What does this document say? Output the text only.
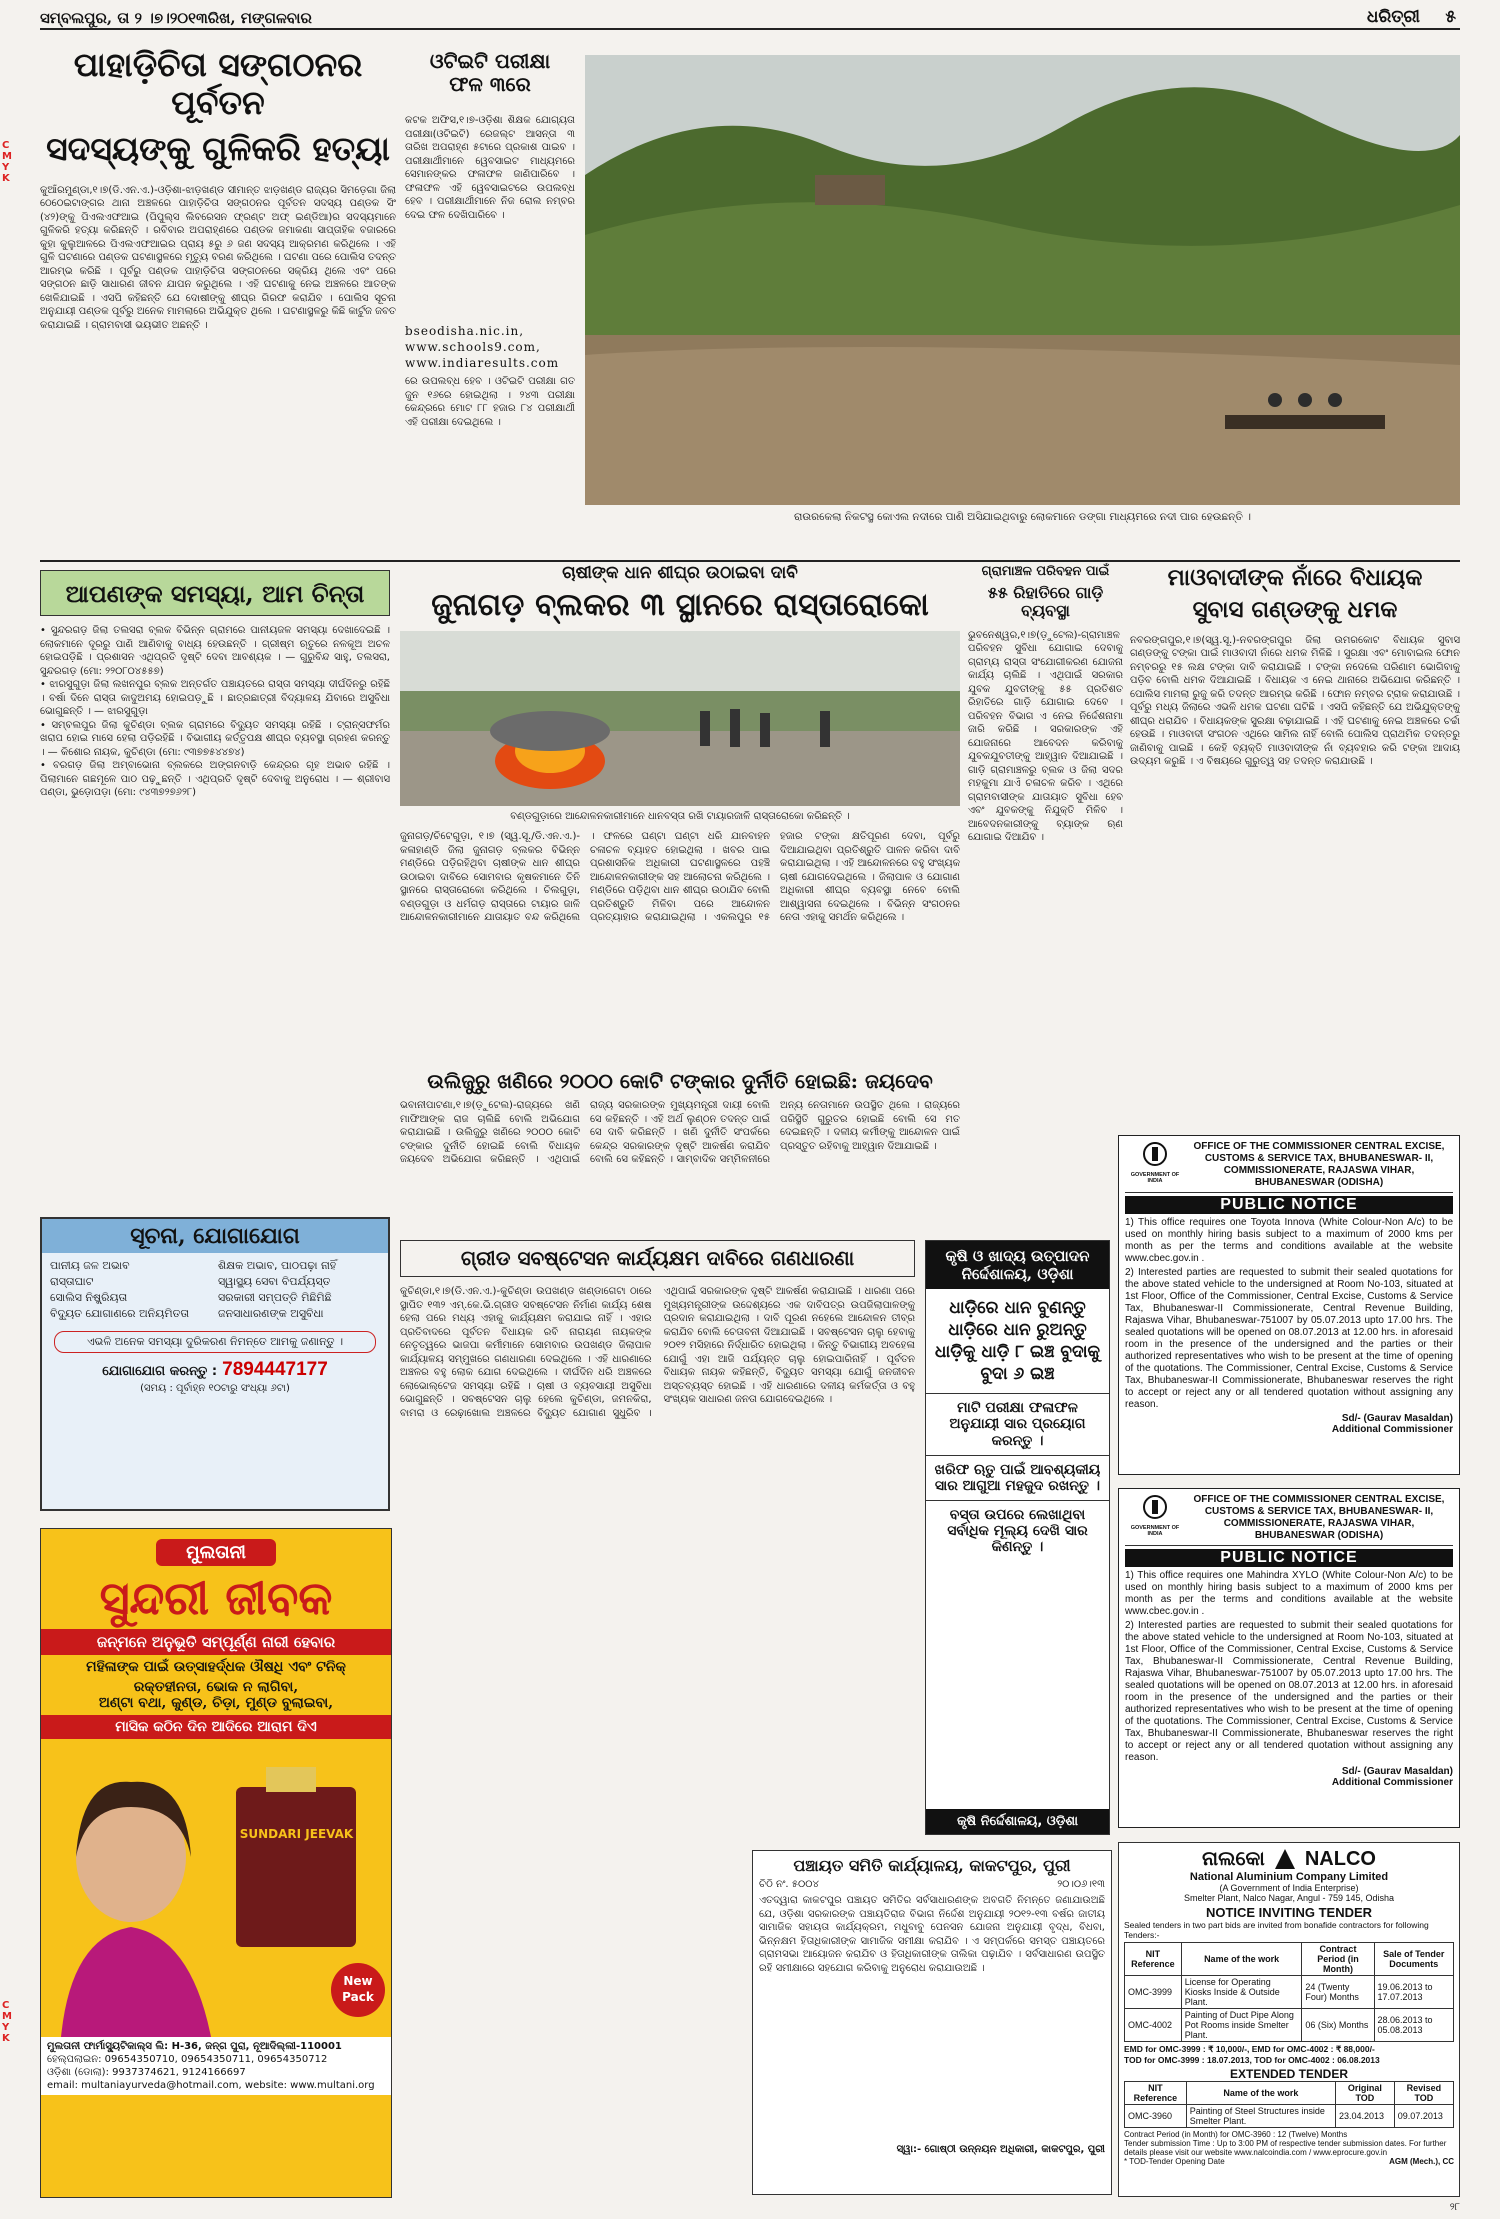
ସମ୍ବଲପୁର, ତା ୨ ।୭।୨୦୧୩ରିଖ, ମଙ୍ଗଳବାର	ଧରିତ୍ରୀ ୫
CMYK
CMYK
ପାହାଡ଼ିଚିତା ସଙ୍ଗଠନର ପୂର୍ବତନ
ସଦସ୍ୟଙ୍କୁ ଗୁଳିକରି ହତ୍ୟା
କୁଆଁରମୁଣ୍ଡା,୧।୭(ଡି.ଏନ.ଏ.)-ଓଡ଼ିଶା-ଝାଡ଼ଖଣ୍ଡ ସୀମାନ୍ତ ଝାଡ଼ଖଣ୍ଡ ରାଜ୍ୟର ସିମଡ଼େଗା ଜିଲା ଠେଠେଇଟାଙ୍ଗର ଥାନା ଅଞ୍ଚଳରେ ପାହାଡ଼ିଚିତା ସଙ୍ଗଠନର ପୂର୍ବତନ ସଦସ୍ୟ ପଣ୍ଡକ ସିଂ (୪୨)ଙ୍କୁ ପିଏଲଏଫଆଇ (ପିପୁଲ୍ସ ଲିବରେସନ ଫ୍ରଣ୍ଟ ଅଫ୍ ଇଣ୍ଡିଆ)ର ସଦସ୍ୟମାନେ ଗୁଳିକରି ହତ୍ୟା କରିଛନ୍ତି । ରବିବାର ଅପରାହ୍ଣରେ ପଣ୍ଡକ ଜମାକଣା ସାପ୍ତାହିକ ବଜାରରେ କୁହା କୁଲୁଆଳରେ ପିଏଲଏଫଆଇର ପ୍ରାୟ ୫ରୁ ୬ ଜଣ ସଦସ୍ୟ ଆକ୍ରମଣ କରିଥିଲେ । ଏହି ଗୁଳି ଘଟଣାରେ ପଣ୍ଡକ ଘଟଣାସ୍ଥଳରେ ମୃତ୍ୟୁ ବରଣ କରିଥିଲେ । ଘଟଣା ପରେ ପୋଲିସ ତଦନ୍ତ ଆରମ୍ଭ କରିଛି । ପୂର୍ବରୁ ପଣ୍ଡକ ପାହାଡ଼ିଚିତା ସଙ୍ଗଠନରେ ସକ୍ରିୟ ଥିଲେ ଏବଂ ପରେ ସଙ୍ଗଠନ ଛାଡ଼ି ସାଧାରଣ ଜୀବନ ଯାପନ କରୁଥିଲେ । ଏହି ଘଟଣାକୁ ନେଇ ଅଞ୍ଚଳରେ ଆତଙ୍କ ଖେଳିଯାଇଛି । ଏସପି କହିଛନ୍ତି ଯେ ଦୋଷୀଙ୍କୁ ଶୀଘ୍ର ଗିରଫ କରାଯିବ । ପୋଲିସ ସୂଚନା ଅନୁଯାୟୀ ପଣ୍ଡକ ପୂର୍ବରୁ ଅନେକ ମାମଲାରେ ଅଭିଯୁକ୍ତ ଥିଲେ । ଘଟଣାସ୍ଥଳରୁ କିଛି କାର୍ଟୁଜ ଜବତ କରାଯାଇଛି । ଗ୍ରାମବାସୀ ଭୟଭୀତ ଅଛନ୍ତି ।
ଓଟିଇଟି ପରୀକ୍ଷା
ଫଳ ୩ରେ
କଟକ ଅଫିସ,୧।୭-ଓଡ଼ିଶା ଶିକ୍ଷକ ଯୋଗ୍ୟତା ପରୀକ୍ଷା(ଓଟିଇଟି) ରେଜଲ୍ଟ ଆସନ୍ତା ୩ ତାରିଖ ଅପରାହ୍ଣ ୫ଟାରେ ପ୍ରକାଶ ପାଇବ । ପରୀକ୍ଷାର୍ଥୀମାନେ ୱେବସାଇଟ ମାଧ୍ୟମରେ ସେମାନଙ୍କର ଫଳାଫଳ ଜାଣିପାରିବେ । ଫଳାଫଳ ଏହି ୱେବସାଇଟରେ ଉପଲବ୍ଧ ହେବ । ପରୀକ୍ଷାର୍ଥୀମାନେ ନିଜ ରୋଲ ନମ୍ବର ଦେଇ ଫଳ ଦେଖିପାରିବେ ।
bseodisha.nic.in, www.schools9.com, www.indiaresults.com
ରେ ଉପଲବ୍ଧ ହେବ । ଓଟିଇଟି ପରୀକ୍ଷା ଗତ ଜୁନ ୧୬ରେ ହୋଇଥିଲା । ୨୪୩ ପରୀକ୍ଷା କେନ୍ଦ୍ରରେ ମୋଟ ୮୮ ହଜାର ୮୪ ପରୀକ୍ଷାର୍ଥୀ ଏହି ପରୀକ୍ଷା ଦେଇଥିଲେ ।
ରାଉରକେଲା ନିକଟସ୍ଥ କୋଏଲ ନଦୀରେ ପାଣି ଅସିଯାଇଥିବାରୁ ଲୋକମାନେ ଡଙ୍ଗା ମାଧ୍ୟମରେ ନଦୀ ପାର ହେଉଛନ୍ତି ।
ଆପଣଙ୍କ ସମସ୍ୟା, ଆମ ଚିନ୍ତା
• ସୁନ୍ଦରଗଡ଼ ଜିଲା ତଲସରା ବ୍ଲକ ବିଭିନ୍ନ ଗ୍ରାମରେ ପାନୀୟଜଳ ସମସ୍ୟା ଦେଖାଦେଇଛି । ଲୋକମାନେ ଦୂରରୁ ପାଣି ଆଣିବାକୁ ବାଧ୍ୟ ହେଉଛନ୍ତି । ଗ୍ରୀଷ୍ମ ଋତୁରେ ନଳକୂଅ ଅଚଳ ହୋଇପଡ଼ିଛି । ପ୍ରଶାସନ ଏଥିପ୍ରତି ଦୃଷ୍ଟି ଦେବା ଆବଶ୍ୟକ । — ଗୁରୁବିନ୍ଦ ସାହୁ, ତଲସରା, ସୁନ୍ଦରଗଡ଼ (ମୋ: ୨୨୦୮୦୪୫୫୭)
• ଝାରସୁଗୁଡ଼ା ଜିଲା ଲଖନପୁର ବ୍ଲକ ଅନ୍ତର୍ଗତ ପଞ୍ଚାୟତରେ ରାସ୍ତା ସମସ୍ୟା ଦୀର୍ଘଦିନରୁ ରହିଛି । ବର୍ଷା ଦିନେ ରାସ୍ତା କାଦୁଅମୟ ହୋଇପଡ଼ୁଛି । ଛାତ୍ରଛାତ୍ରୀ ବିଦ୍ୟାଳୟ ଯିବାରେ ଅସୁବିଧା ଭୋଗୁଛନ୍ତି । — ଝାରସୁଗୁଡ଼ା
• ସମ୍ବଲପୁର ଜିଲା କୁଚିଣ୍ଡା ବ୍ଲକ ଗ୍ରାମରେ ବିଦ୍ୟୁତ ସମସ୍ୟା ରହିଛି । ଟ୍ରାନ୍ସଫର୍ମର ଖରାପ ହୋଇ ମାସେ ହେଲା ପଡ଼ିରହିଛି । ବିଭାଗୀୟ କର୍ତ୍ତୃପକ୍ଷ ଶୀଘ୍ର ବ୍ୟବସ୍ଥା ଗ୍ରହଣ କରନ୍ତୁ । — କିଶୋର ନାୟକ, କୁଚିଣ୍ଡା (ମୋ: ୯୩୭୭୫୪୪୭୪)
• ବରଗଡ଼ ଜିଲା ଅମ୍ବାଭୋନା ବ୍ଲକରେ ଅଙ୍ଗନବାଡ଼ି କେନ୍ଦ୍ରର ଗୃହ ଅଭାବ ରହିଛି । ପିଲାମାନେ ଗଛମୂଳେ ପାଠ ପଢ଼ୁଛନ୍ତି । ଏଥିପ୍ରତି ଦୃଷ୍ଟି ଦେବାକୁ ଅନୁରୋଧ । — ଶ୍ରୀବାସ ପଣ୍ଡା, ଭୁଡ଼ୋପଡ଼ା (ମୋ: ୯୪୩୭୨୭୬୨୮)
ସୂଚନା, ଯୋଗାଯୋଗ
ପାନୀୟ ଜଳ ଅଭାବ	ଶିକ୍ଷକ ଅଭାବ, ପାଠପଢ଼ା ନାହିଁ
ରାସ୍ତାଘାଟ	ସ୍ୱାସ୍ଥ୍ୟ ସେବା ବିପର୍ଯ୍ୟସ୍ତ
ସୋଲିସ ନିଷ୍କ୍ରିୟତା	ସରକାରୀ ସମ୍ପତ୍ତି ମିଛିମିଛି
ବିଦ୍ୟୁତ ଯୋଗାଣରେ ଅନିୟମିତତା	ଜନସାଧାରଣଙ୍କ ଅସୁବିଧା
ଏଭଳି ଅନେକ ସମସ୍ୟା ଦୁରିକରଣ ନିମନ୍ତେ ଆମକୁ ଜଣାନ୍ତୁ ।
ଯୋଗାଯୋଗ କରନ୍ତୁ : 7894447177
(ସମୟ : ପୂର୍ବାହ୍ନ ୧୦ଟାରୁ ସଂଧ୍ୟା ୬ଟା)
ଚାଷୀଙ୍କ ଧାନ ଶୀଘ୍ର ଉଠାଇବା ଦାବି
ଜୁନାଗଡ଼ ବ୍ଲକର ୩ ସ୍ଥାନରେ ରାସ୍ତାରୋକୋ
ବଣ୍ଡଗୁଡ଼ାରେ ଆନ୍ଦୋଳନକାରୀମାନେ ଧାନବସ୍ତା ରଖି ଟାୟାରଜାଳି ରାସ୍ତାରୋକୋ କରିଛନ୍ତି ।
ଜୁନାଗଡ଼/ଚିଟେଗୁଡ଼ା, ୧।୭ (ସ୍ୱ.ସୂ./ଡି.ଏନ.ଏ.)-କଳାହାଣ୍ଡି ଜିଲା ଜୁନାଗଡ଼ ବ୍ଲକର ବିଭିନ୍ନ ମଣ୍ଡିରେ ପଡ଼ିରହିଥିବା ଚାଷୀଙ୍କ ଧାନ ଶୀଘ୍ର ଉଠାଇବା ଦାବିରେ ସୋମବାର କୃଷକମାନେ ତିନି ସ୍ଥାନରେ ରାସ୍ତାରୋକୋ କରିଥିଲେ । ଚିଲଗୁଡ଼ା, ବଣ୍ଡଗୁଡ଼ା ଓ ଧର୍ମଗଡ଼ ରାସ୍ତାରେ ଟାୟାର ଜାଳି ଆନ୍ଦୋଳନକାରୀମାନେ ଯାତାୟାତ ବନ୍ଦ କରିଥିଲେ । ଫଳରେ ଘଣ୍ଟା ଘଣ୍ଟା ଧରି ଯାନବାହନ ଚଳାଚଳ ବ୍ୟାହତ ହୋଇଥିଲା । ଖବର ପାଇ ପ୍ରଶାସନିକ ଅଧିକାରୀ ଘଟଣାସ୍ଥଳରେ ପହଞ୍ଚି ଆନ୍ଦୋଳନକାରୀଙ୍କ ସହ ଆଲୋଚନା କରିଥିଲେ । ମଣ୍ଡିରେ ପଡ଼ିଥିବା ଧାନ ଶୀଘ୍ର ଉଠାଯିବ ବୋଲି ପ୍ରତିଶ୍ରୁତି ମିଳିବା ପରେ ଆନ୍ଦୋଳନ ପ୍ରତ୍ୟାହାର କରାଯାଇଥିଲା । ଏକଲପୁର ୧୫ ହଜାର ଟଙ୍କା କ୍ଷତିପୂରଣ ଦେବା, ପୂର୍ବରୁ ଦିଆଯାଇଥିବା ପ୍ରତିଶ୍ରୁତି ପାଳନ କରିବା ଦାବି କରାଯାଇଥିଲା । ଏହି ଆନ୍ଦୋଳନରେ ବହୁ ସଂଖ୍ୟକ ଚାଷୀ ଯୋଗଦେଇଥିଲେ । ଜିଲାପାଳ ଓ ଯୋଗାଣ ଅଧିକାରୀ ଶୀଘ୍ର ବ୍ୟବସ୍ଥା ନେବେ ବୋଲି ଆଶ୍ୱାସନା ଦେଇଥିଲେ । ବିଭିନ୍ନ ସଂଗଠନର ନେତା ଏହାକୁ ସମର୍ଥନ କରିଥିଲେ ।
ଉଲିଜୁରୁ ଖଣିରେ ୨୦୦୦ କୋଟି ଟଙ୍କାର ଦୁର୍ନୀତି ହୋଇଛି: ଜୟଦେବ
ଭବାନୀପାଟଣା,୧।୭(ଡ଼ୁଟେଲ)-ରାଜ୍ୟରେ ଖଣି ମାଫିଆଙ୍କ ରାଜ ଚାଲିଛି ବୋଲି ଅଭିଯୋଗ କରାଯାଇଛି । ଉଲିଜୁରୁ ଖଣିରେ ୨୦୦୦ କୋଟି ଟଙ୍କାର ଦୁର୍ନୀତି ହୋଇଛି ବୋଲି ବିଧାୟକ ଜୟଦେବ ଅଭିଯୋଗ କରିଛନ୍ତି । ଏଥିପାଇଁ ରାଜ୍ୟ ସରକାରଙ୍କ ମୁଖ୍ୟମନ୍ତ୍ରୀ ଦାୟୀ ବୋଲି ସେ କହିଛନ୍ତି । ଏହି ଅର୍ଥ ଲୁଣ୍ଠନ ତଦନ୍ତ ପାଇଁ ସେ ଦାବି କରିଛନ୍ତି । ଖଣି ଦୁର୍ନୀତି ସଂପର୍କରେ କେନ୍ଦ୍ର ସରକାରଙ୍କ ଦୃଷ୍ଟି ଆକର୍ଷଣ କରାଯିବ ବୋଲି ସେ କହିଛନ୍ତି । ସାମ୍ବାଦିକ ସମ୍ମିଳନୀରେ ଅନ୍ୟ ନେତାମାନେ ଉପସ୍ଥିତ ଥିଲେ । ରାଜ୍ୟରେ ପରିସ୍ଥିତି ଗୁରୁତର ହୋଇଛି ବୋଲି ସେ ମତ ଦେଇଛନ୍ତି । ଦଳୀୟ କର୍ମୀଙ୍କୁ ଆନ୍ଦୋଳନ ପାଇଁ ପ୍ରସ୍ତୁତ ରହିବାକୁ ଆହ୍ୱାନ ଦିଆଯାଇଛି ।
ଗ୍ରାମାଞ୍ଚଳ ପରିବହନ ପାଇଁ
୫୫ ରିହାତିରେ ଗାଡ଼ି ବ୍ୟବସ୍ଥା
ଭୁବନେଶ୍ୱର,୧।୭(ଡ଼ୁଟେଲ)-ଗ୍ରାମାଞ୍ଚଳ ପରିବହନ ସୁବିଧା ଯୋଗାଇ ଦେବାକୁ ଗ୍ରାମ୍ୟ ରାସ୍ତା ସଂଯୋଗୀକରଣ ଯୋଜନା କାର୍ଯ୍ୟ ଚାଲିଛି । ଏଥିପାଇଁ ସରକାର ଯୁବକ ଯୁବତୀଙ୍କୁ ୫୫ ପ୍ରତିଶତ ରିହାତିରେ ଗାଡ଼ି ଯୋଗାଇ ଦେବେ । ପରିବହନ ବିଭାଗ ଏ ନେଇ ନିର୍ଦ୍ଦେଶନାମା ଜାରି କରିଛି । ସରକାରଙ୍କ ଏହି ଯୋଜନାରେ ଆବେଦନ କରିବାକୁ ଯୁବକଯୁବତୀଙ୍କୁ ଆହ୍ୱାନ ଦିଆଯାଇଛି । ଗାଡ଼ି ଗ୍ରାମାଞ୍ଚଳରୁ ବ୍ଲକ ଓ ଜିଲା ସଦର ମହକୁମା ଯାଏଁ ଚଳାଚଳ କରିବ । ଏଥିରେ ଗ୍ରାମବାସୀଙ୍କ ଯାତାୟାତ ସୁବିଧା ହେବ ଏବଂ ଯୁବକଙ୍କୁ ନିଯୁକ୍ତି ମିଳିବ । ଆବେଦନକାରୀଙ୍କୁ ବ୍ୟାଙ୍କ ଋଣ ଯୋଗାଇ ଦିଆଯିବ ।
ମାଓବାଦୀଙ୍କ ନାଁରେ ବିଧାୟକ
ସୁବାସ ଗଣ୍ଡଙ୍କୁ ଧମକ
ନବରଙ୍ଗପୁର,୧।୭(ସ୍ୱ.ସୂ.)-ନବରଙ୍ଗପୁର ଜିଲା ଉମରକୋଟ ବିଧାୟକ ସୁବାସ ଗଣ୍ଡଙ୍କୁ ଟଙ୍କା ପାଇଁ ମାଓବାଦୀ ନାଁରେ ଧମକ ମିଳିଛି । ସୁରକ୍ଷା ଏବଂ ମୋବାଇଲ ଫୋନ ନମ୍ବରରୁ ୧୫ ଲକ୍ଷ ଟଙ୍କା ଦାବି କରାଯାଇଛି । ଟଙ୍କା ନଦେଲେ ପରିଣାମ ଭୋଗିବାକୁ ପଡ଼ିବ ବୋଲି ଧମକ ଦିଆଯାଇଛି । ବିଧାୟକ ଏ ନେଇ ଥାନାରେ ଅଭିଯୋଗ କରିଛନ୍ତି । ପୋଲିସ ମାମଲା ରୁଜୁ କରି ତଦନ୍ତ ଆରମ୍ଭ କରିଛି । ଫୋନ ନମ୍ବର ଟ୍ରାକ କରାଯାଉଛି । ପୂର୍ବରୁ ମଧ୍ୟ ଜିଲାରେ ଏଭଳି ଧମକ ଘଟଣା ଘଟିଛି । ଏସପି କହିଛନ୍ତି ଯେ ଅଭିଯୁକ୍ତଙ୍କୁ ଶୀଘ୍ର ଧରାଯିବ । ବିଧାୟକଙ୍କ ସୁରକ୍ଷା ବଢ଼ାଯାଇଛି । ଏହି ଘଟଣାକୁ ନେଇ ଅଞ୍ଚଳରେ ଚର୍ଚ୍ଚା ହେଉଛି । ମାଓବାଦୀ ସଂଗଠନ ଏଥିରେ ସାମିଲ ନାହିଁ ବୋଲି ପୋଲିସ ପ୍ରାଥମିକ ତଦନ୍ତରୁ ଜାଣିବାକୁ ପାଇଛି । କେହି ବ୍ୟକ୍ତି ମାଓବାଦୀଙ୍କ ନାଁ ବ୍ୟବହାର କରି ଟଙ୍କା ଆଦାୟ ଉଦ୍ୟମ କରୁଛି । ଏ ବିଷୟରେ ଗୁରୁତ୍ୱ ସହ ତଦନ୍ତ କରାଯାଉଛି ।
GOVERNMENT OF INDIA
OFFICE OF THE COMMISSIONER CENTRAL EXCISE,
CUSTOMS & SERVICE TAX, BHUBANESWAR- II,
COMMISSIONERATE, RAJASWA VIHAR,
BHUBANESWAR (ODISHA)
PUBLIC NOTICE

1) This office requires one Toyota Innova (White Colour-Non A/c) to be used on monthly hiring basis subject to a maximum of 2000 kms per month as per the terms and conditions available at the website www.cbec.gov.in .

2) Interested parties are requested to submit their sealed quotations for the above stated vehicle to the undersigned at Room No-103, situated at 1st Floor, Office of the Commissioner, Central Excise, Customs & Service Tax, Bhubaneswar-II Commissionerate, Central Revenue Building, Rajaswa Vihar, Bhubaneswar-751007 by 05.07.2013 upto 17.00 hrs. The sealed quotations will be opened on 08.07.2013 at 12.00 hrs. in aforesaid room in the presence of the undersigned and the parties or their authorized representatives who wish to be present at the time of opening of the quotations. The Commissioner, Central Excise, Customs & Service Tax, Bhubaneswar-II Commissionerate, Bhubaneswar reserves the right to accept or reject any or all tendered quotation without assigning any reason.

Sd/- (Gaurav Masaldan)
Additional Commissioner
GOVERNMENT OF INDIA
OFFICE OF THE COMMISSIONER CENTRAL EXCISE,
CUSTOMS & SERVICE TAX, BHUBANESWAR- II,
COMMISSIONERATE, RAJASWA VIHAR,
BHUBANESWAR (ODISHA)
PUBLIC NOTICE

1) This office requires one Mahindra XYLO (White Colour-Non A/c) to be used on monthly hiring basis subject to a maximum of 2000 kms per month as per the terms and conditions available at the website www.cbec.gov.in .

2) Interested parties are requested to submit their sealed quotations for the above stated vehicle to the undersigned at Room No-103, situated at 1st Floor, Office of the Commissioner, Central Excise, Customs & Service Tax, Bhubaneswar-II Commissionerate, Central Revenue Building, Rajaswa Vihar, Bhubaneswar-751007 by 05.07.2013 upto 17.00 hrs. The sealed quotations will be opened on 08.07.2013 at 12.00 hrs. in aforesaid room in the presence of the undersigned and the parties or their authorized representatives who wish to be present at the time of opening of the quotations. The Commissioner, Central Excise, Customs & Service Tax, Bhubaneswar-II Commissionerate, Bhubaneswar reserves the right to accept or reject any or all tendered quotation without assigning any reason.

Sd/- (Gaurav Masaldan)
Additional Commissioner
କୃଷି ଓ ଖାଦ୍ୟ ଉତ୍ପାଦନ
ନିର୍ଦ୍ଦେଶାଳୟ, ଓଡ଼ିଶା
ଧାଡ଼ିରେ ଧାନ ବୁଣନ୍ତୁ ଧାଡ଼ିରେ ଧାନ ରୁଅନ୍ତୁ ଧାଡ଼ିକୁ ଧାଡ଼ି ୮ ଇଞ୍ଚ ବୁଦାକୁ ବୁଦା ୬ ଇଞ୍ଚ
ମାଟି ପରୀକ୍ଷା ଫଳାଫଳ ଅନୁଯାୟୀ ସାର ପ୍ରୟୋଗ କରନ୍ତୁ ।
ଖରିଫ ଋତୁ ପାଇଁ ଆବଶ୍ୟକୀୟ ସାର ଆଗୁଆ ମହଜୁଦ ରଖନ୍ତୁ ।
ବସ୍ତା ଉପରେ ଲେଖାଥିବା ସର୍ବାଧିକ ମୂଲ୍ୟ ଦେଖି ସାର କିଣନ୍ତୁ ।
କୃଷି ନିର୍ଦ୍ଦେଶାଳୟ, ଓଡ଼ିଶା
ଗ୍ରୀଡ ସବଷ୍ଟେସନ କାର୍ଯ୍ୟକ୍ଷମ ଦାବିରେ ଗଣଧାରଣା
କୁଚିଣ୍ଡା,୧।୭(ଡି.ଏନ.ଏ.)-କୁଚିଣ୍ଡା ଉପଖଣ୍ଡ ଖଣ୍ଡାଗେଟା ଠାରେ ସ୍ଥାପିତ ୧୩୨ ଏମ୍.କେ.ଭି.ଗ୍ରୀଡ ସବଷ୍ଟେସନ ନିର୍ମାଣ କାର୍ଯ୍ୟ ଶେଷ ହେଲା ପରେ ମଧ୍ୟ ଏହାକୁ କାର୍ଯ୍ୟକ୍ଷମ କରାଯାଇ ନାହିଁ । ଏହାର ପ୍ରତିବାଦରେ ପୂର୍ବତନ ବିଧାୟକ ରବି ନାରାୟଣ ନାୟକଙ୍କ ନେତୃତ୍ୱରେ ଭାଜପା କର୍ମୀମାନେ ସୋମବାର ଉପଖଣ୍ଡ ଜିଲାପାଳ କାର୍ଯ୍ୟାଳୟ ସମ୍ମୁଖରେ ଗଣଧାରଣା ଦେଇଥିଲେ । ଏହି ଧାରଣାରେ ଅଞ୍ଚଳର ବହୁ ଲୋକ ଯୋଗ ଦେଇଥିଲେ । ଦୀର୍ଘଦିନ ଧରି ଅଞ୍ଚଳରେ ଲୋଭୋଲ୍ଟେଜ ସମସ୍ୟା ରହିଛି । ଚାଷୀ ଓ ବ୍ୟବସାୟୀ ଅସୁବିଧା ଭୋଗୁଛନ୍ତି । ସବଷ୍ଟେସନ ଚାଲୁ ହେଲେ କୁଚିଣ୍ଡା, ଜମନକିରା, ବାମରା ଓ ରେଢ଼ାଖୋଲ ଅଞ୍ଚଳରେ ବିଦ୍ୟୁତ ଯୋଗାଣ ସୁଧୁରିବ । ଏଥିପାଇଁ ସରକାରଙ୍କ ଦୃଷ୍ଟି ଆକର୍ଷଣ କରାଯାଇଛି । ଧାରଣା ପରେ ମୁଖ୍ୟମନ୍ତ୍ରୀଙ୍କ ଉଦ୍ଦେଶ୍ୟରେ ଏକ ଦାବିପତ୍ର ଉପଜିଲାପାଳଙ୍କୁ ପ୍ରଦାନ କରାଯାଇଥିଲା । ଦାବି ପୂରଣ ନହେଲେ ଆନ୍ଦୋଳନ ତୀବ୍ର କରାଯିବ ବୋଲି ଚେତାବନୀ ଦିଆଯାଇଛି । ସବଷ୍ଟେସନ ଚାଲୁ ହେବାକୁ ୨୦୧୨ ମସିହାରେ ନିର୍ଦ୍ଧାରିତ ହୋଇଥିଲା । କିନ୍ତୁ ବିଭାଗୀୟ ଅବହେଳା ଯୋଗୁଁ ଏହା ଆଜି ପର୍ଯ୍ୟନ୍ତ ଚାଲୁ ହୋଇପାରିନାହିଁ । ପୂର୍ବତନ ବିଧାୟକ ନାୟକ କହିଛନ୍ତି, ବିଦ୍ୟୁତ ସମସ୍ୟା ଯୋଗୁଁ ଜନଜୀବନ ଅସ୍ତବ୍ୟସ୍ତ ହୋଇଛି । ଏହି ଧାରଣାରେ ଦଳୀୟ କର୍ମକର୍ତ୍ତା ଓ ବହୁ ସଂଖ୍ୟକ ସାଧାରଣ ଜନତା ଯୋଗଦେଇଥିଲେ ।
ପଞ୍ଚାୟତ ସମିତି କାର୍ଯ୍ୟାଳୟ, କାକଟପୁର, ପୁରୀ
ଚିଠି ନଂ. ୫୦୦୪	୨୦।୦୬।୧୩
ଏତଦ୍ୱାରା କାକଟପୁର ପଞ୍ଚାୟତ ସମିତିର ସର୍ବସାଧାରଣଙ୍କ ଅବଗତି ନିମନ୍ତେ ଜଣାଯାଉଅଛି ଯେ, ଓଡ଼ିଶା ସରକାରଙ୍କ ପଞ୍ଚାୟତିରାଜ ବିଭାଗ ନିର୍ଦ୍ଦେଶ ଅନୁଯାୟୀ ୨୦୧୨-୧୩ ବର୍ଷର ଜାତୀୟ ସାମାଜିକ ସହାୟତା କାର୍ଯ୍ୟକ୍ରମ, ମଧୁବାବୁ ପେନସନ ଯୋଜନା ଅନୁଯାୟୀ ବୃଦ୍ଧ, ବିଧବା, ଭିନ୍ନକ୍ଷମ ହିତାଧିକାରୀଙ୍କ ସାମାଜିକ ସମୀକ୍ଷା କରାଯିବ । ଏ ସମ୍ପର୍କରେ ସମସ୍ତ ପଞ୍ଚାୟତରେ ଗ୍ରାମସଭା ଆୟୋଜନ କରାଯିବ ଓ ହିତାଧିକାରୀଙ୍କ ତାଲିକା ପଢ଼ାଯିବ । ସର୍ବସାଧାରଣ ଉପସ୍ଥିତ ରହି ସମୀକ୍ଷାରେ ସହଯୋଗ କରିବାକୁ ଅନୁରୋଧ କରାଯାଉଅଛି ।
ସ୍ୱା:- ଗୋଷ୍ଠୀ ଉନ୍ନୟନ ଅଧିକାରୀ, କାକଟପୁର, ପୁରୀ
ନାଲକୋ NALCO
National Aluminium Company Limited
(A Government of India Enterprise)
Smelter Plant, Nalco Nagar, Angul - 759 145, Odisha
NOTICE INVITING TENDER
Sealed tenders in two part bids are invited from bonafide contractors for following Tenders:-
NIT Reference	Name of the work	Contract Period (in Month)	Sale of Tender Documents
OMC-3999	License for Operating Kiosks Inside & Outside Plant.	24 (Twenty Four) Months	19.06.2013 to 17.07.2013
OMC-4002	Painting of Duct Pipe Along Pot Rooms inside Smelter Plant.	06 (Six) Months	28.06.2013 to 05.08.2013
EMD for OMC-3999 : ₹ 10,000/-, EMD for OMC-4002 : ₹ 88,000/-
TOD for OMC-3999 : 18.07.2013, TOD for OMC-4002 : 06.08.2013
EXTENDED TENDER
NIT Reference	Name of the work	Original TOD	Revised TOD
OMC-3960	Painting of Steel Structures inside Smelter Plant.	23.04.2013	09.07.2013
Contract Period (in Month) for OMC-3960 : 12 (Twelve) Months
Tender submission Time : Up to 3:00 PM of respective tender submission dates. For further details please visit our website www.nalcoindia.com / www.eprocure.gov.in
* TOD-Tender Opening Date	AGM (Mech.), CC
ମୁଲତାନୀ
ସୁନ୍ଦରୀ ଜୀବକ
ଜନ୍ମନେ ଅନୁଭୂତି ସମ୍ପୂର୍ଣ୍ଣ ନାରୀ ହେବାର
ମହିଳାଙ୍କ ପାଇଁ ଉତ୍ସାହର୍ଦ୍ଧକ ଔଷଧି ଏବଂ ଟନିକ୍
ରକ୍ତହୀନତା, ଭୋକ ନ ଲାଗିବା,
ଅଣ୍ଟା ବଥା, କୁଣ୍ଡ, ଚିଡ଼ା, ମୁଣ୍ଡ ବୁଲାଇବା,
ମାସିକ କଠିନ ଦିନ ଆଦିରେ ଆରାମ ଦିଏ
SUNDARI JEEVAK
New Pack
ମୁଲତାନୀ ଫାର୍ମାସ୍ୟୁଟିକାଲ୍ସ ଲି: H-36, ଜନ୍ଗ ପୁରା, ନୂଆଦିଲ୍ଲୀ-110001
ହେଲ୍ପଲାଇନ: 09654350710, 09654350711, 09654350712
ଓଡ଼ିଶା (ଡୋଲା): 9937374621, 9124166697
email: multaniayurveda@hotmail.com, website: www.multani.org
୨୮
